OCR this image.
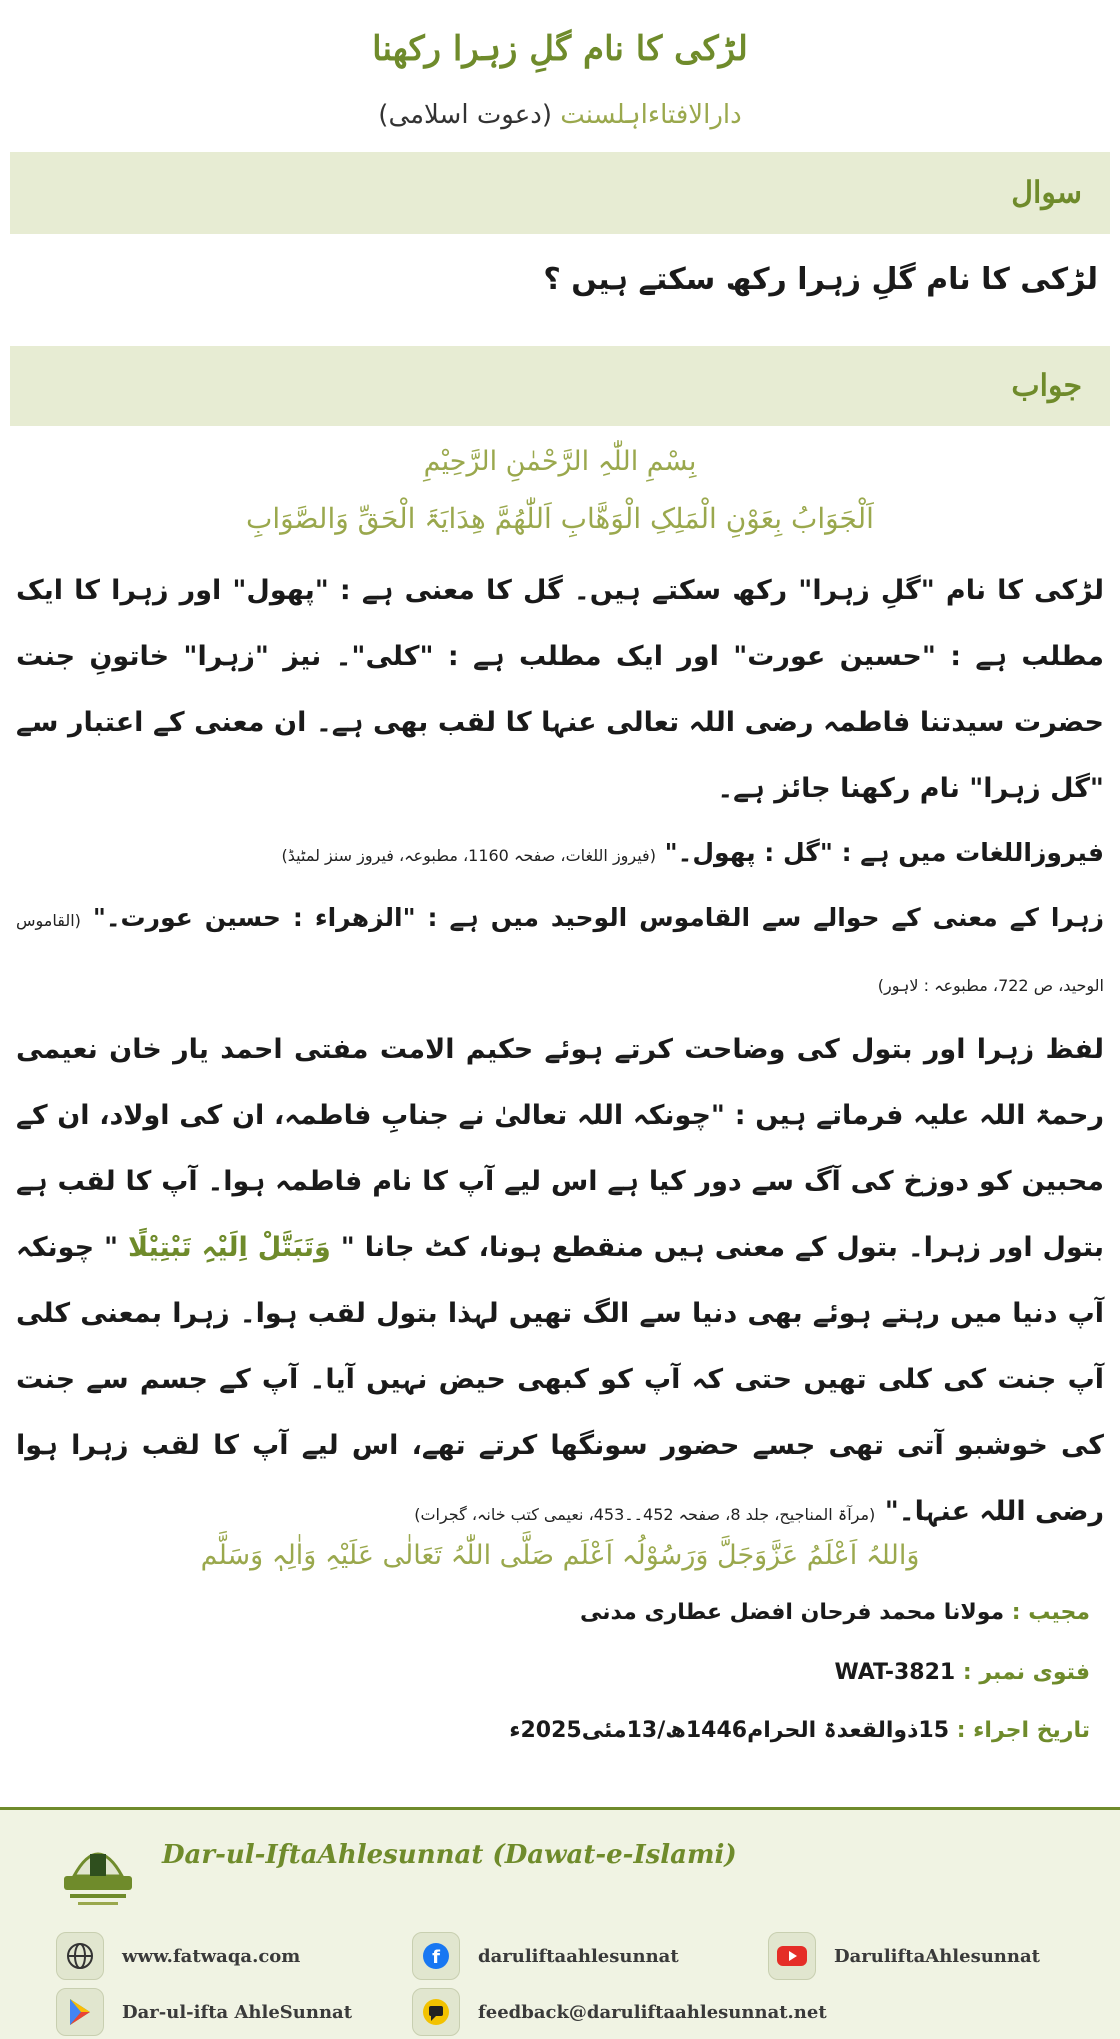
لڑکی کا نام گلِ زہرا رکھنا
دارالافتاءاہلسنت (دعوت اسلامی)
سوال
لڑکی کا نام گلِ زہرا رکھ سکتے ہیں ؟
جواب
بِسْمِ اللّٰہِ الرَّحْمٰنِ الرَّحِیْمِ
اَلْجَوَابُ بِعَوْنِ الْمَلِکِ الْوَھَّابِ اَللّٰھُمَّ ھِدَایَۃَ الْحَقِّ وَالصَّوَابِ

لڑکی کا نام "گلِ زہرا" رکھ سکتے ہیں۔ گل کا معنی ہے : "پھول" اور زہرا کا ایک مطلب ہے : "حسین عورت" اور ایک مطلب ہے : "کلی"۔ نیز "زہرا" خاتونِ جنت حضرت سیدتنا فاطمہ رضی اللہ تعالی عنہا کا لقب بھی ہے۔ ان معنی کے اعتبار سے "گل زہرا" نام رکھنا جائز ہے۔

فیروزاللغات میں ہے : "گل : پھول۔" (فیروز اللغات، صفحہ 1160، مطبوعہ، فیروز سنز لمٹیڈ)

زہرا کے معنی کے حوالے سے القاموس الوحید میں ہے : "الزھراء : حسین عورت۔" (القاموس الوحید، ص 722، مطبوعہ : لاہور)

لفظ زہرا اور بتول کی وضاحت کرتے ہوئے حکیم الامت مفتی احمد یار خان نعیمی رحمۃ اللہ علیہ فرماتے ہیں : "چونکہ اللہ تعالیٰ نے جنابِ فاطمہ، ان کی اولاد، ان کے محبین کو دوزخ کی آگ سے دور کیا ہے اس لیے آپ کا نام فاطمہ ہوا۔ آپ کا لقب ہے بتول اور زہرا۔ بتول کے معنی ہیں منقطع ہونا، کٹ جانا " وَتَبَتَّلْ اِلَیْہِ تَبْتِیْلًا " چونکہ آپ دنیا میں رہتے ہوئے بھی دنیا سے الگ تھیں لہذا بتول لقب ہوا۔ زہرا بمعنی کلی آپ جنت کی کلی تھیں حتی کہ آپ کو کبھی حیض نہیں آیا۔ آپ کے جسم سے جنت کی خوشبو آتی تھی جسے حضور سونگھا کرتے تھے، اس لیے آپ کا لقب زہرا ہوا رضی اللہ عنہا۔" (مرآۃ المناجیح، جلد 8، صفحہ 452۔۔453، نعیمی کتب خانہ، گجرات)

وَاللہُ اَعْلَمُ عَزَّوَجَلَّ وَرَسُوْلُہ اَعْلَم صَلَّی اللّٰہُ تَعَالٰی عَلَیْہِ وَاٰلِہٖ وَسَلَّم
مجیب : مولانا محمد فرحان افضل عطاری مدنی
فتوی نمبر : WAT-3821
تاریخ اجراء : 15ذوالقعدۃ الحرام1446ھ/13مئی2025ء
Dar-ul-IftaAhlesunnat (Dawat-e-Islami)
www.fatwaqa.com	f daruliftaahlesunnat	DaruliftaAhlesunnat
Dar-ul-ifta AhleSunnat	feedback@daruliftaahlesunnat.net
